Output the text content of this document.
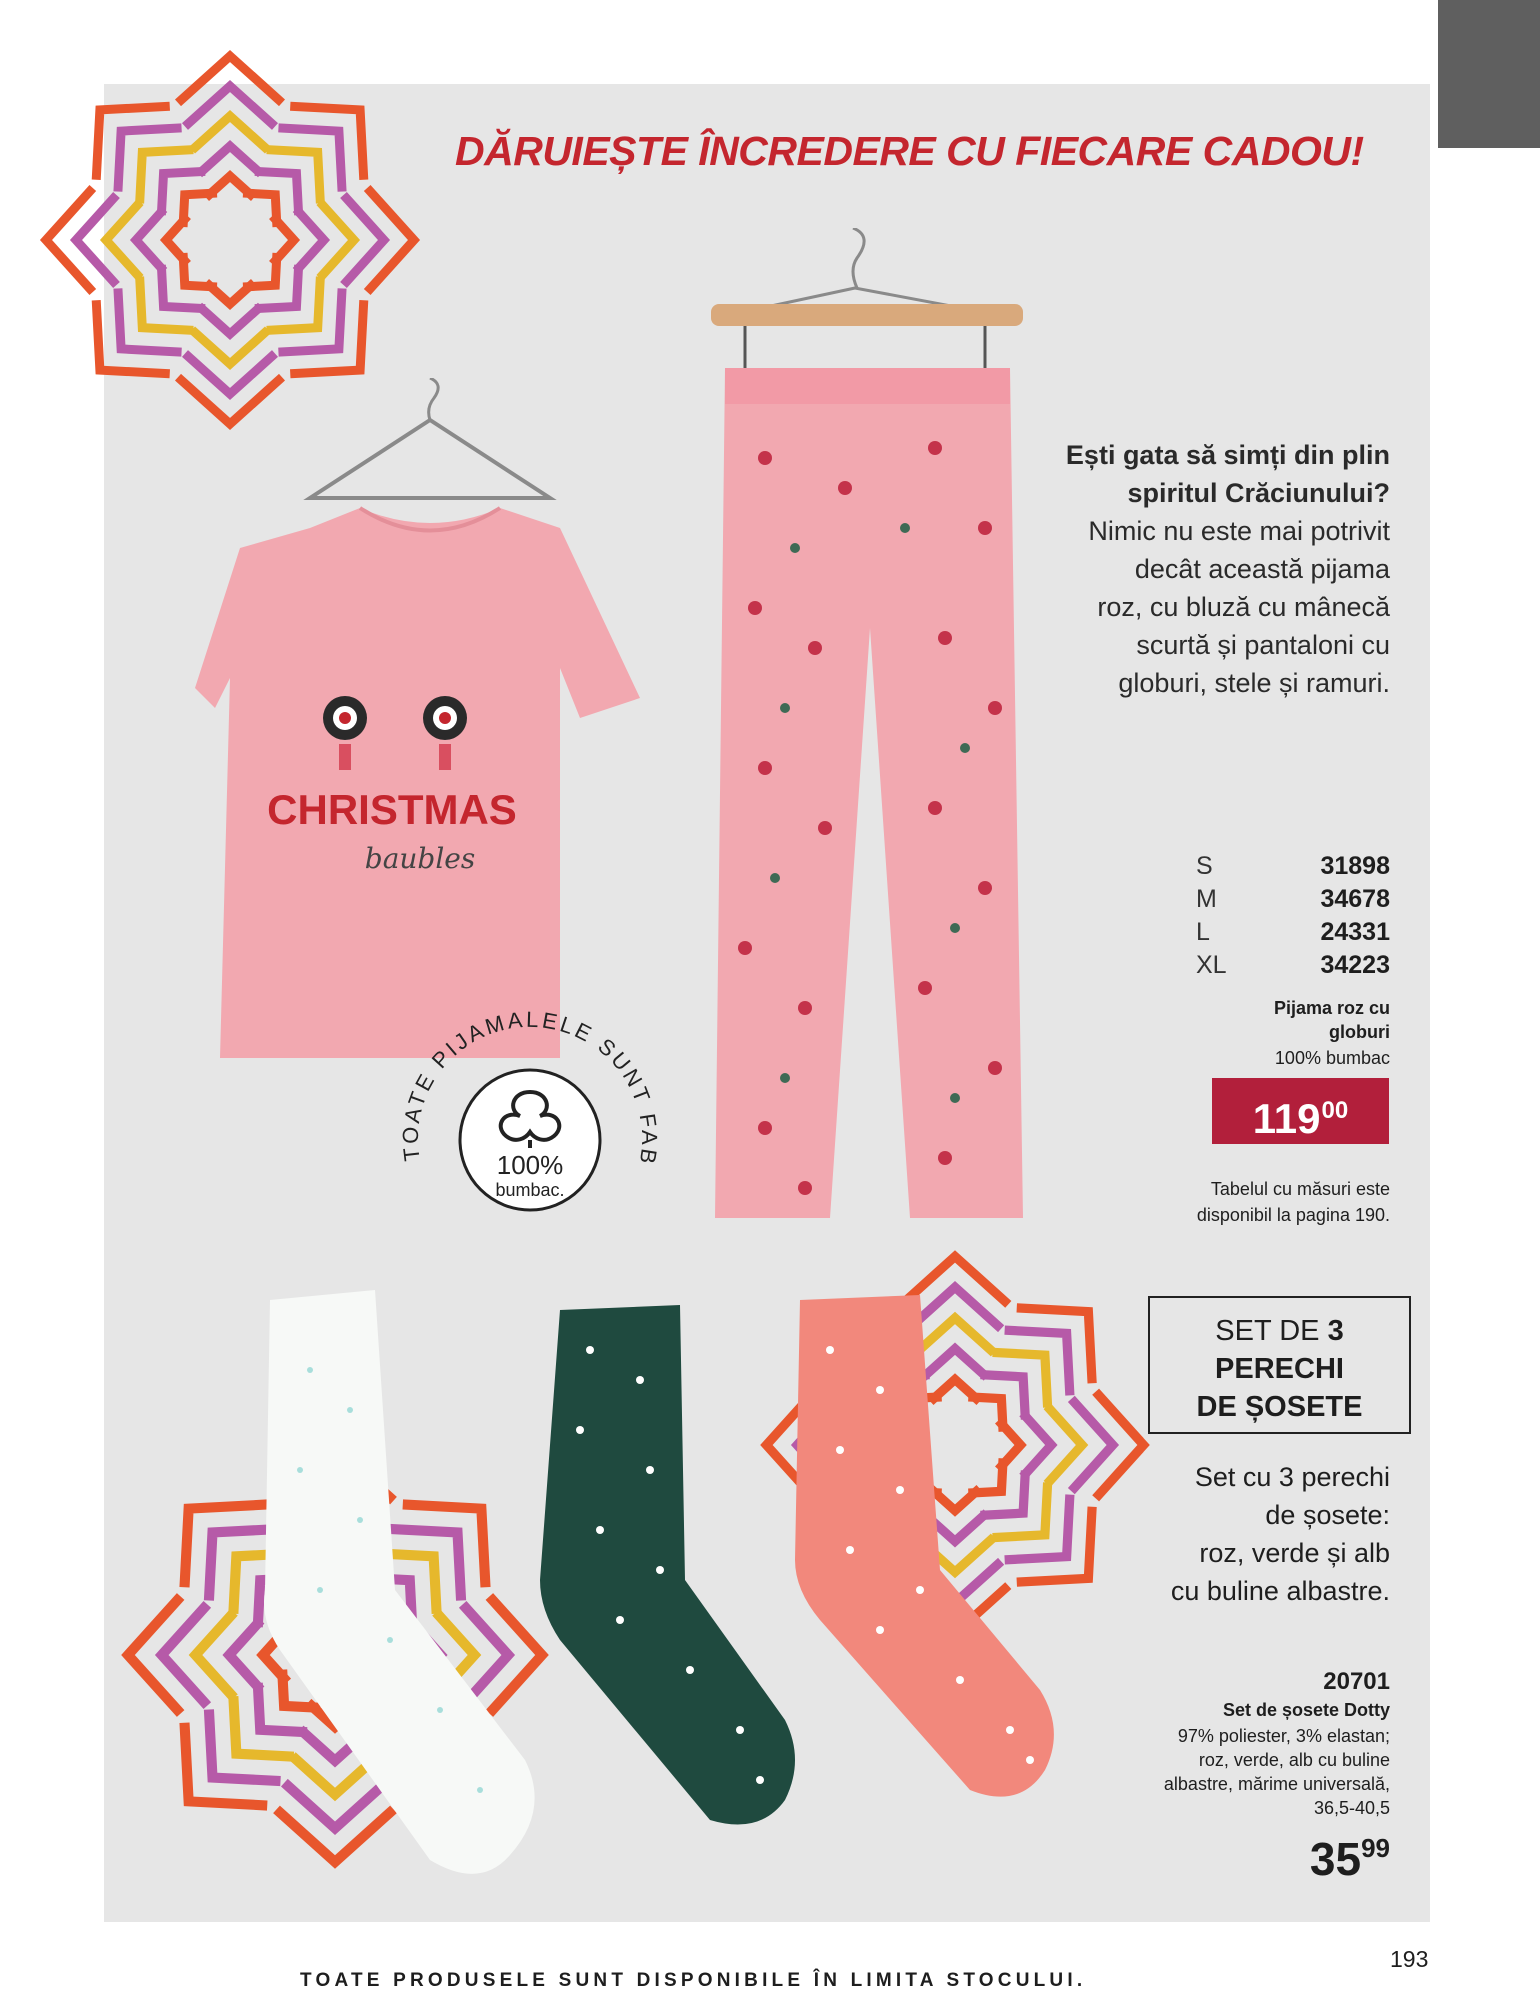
DĂRUIEȘTE ÎNCREDERE CU FIECARE CADOU!
CHRISTMAS
baubles
TOATE PIJAMALELE SUNT FAB
100%
bumbac.
Ești gata să simți din plin
spiritul Crăciunului?
Nimic nu este mai potrivit
decât această pijama
roz, cu bluză cu mânecă
scurtă și pantaloni cu
globuri, stele și ramuri.
S	31898
M	34678
L	24331
XL	34223
Pijama roz cu
globuri
100% bumbac
$119^{00}$
Tabelul cu măsuri este
disponibil la pagina 190.
SET DE 3
PERECHI
DE ȘOSETE
Set cu 3 perechi
de șosete:
roz, verde și alb
cu buline albastre.
20701
Set de șosete Dotty
97% poliester, 3% elastan;
roz, verde, alb cu buline
albastre, mărime universală,
36,5-40,5
$35^{99}$
TOATE PRODUSELE SUNT DISPONIBILE ÎN LIMITA STOCULUI.
193
